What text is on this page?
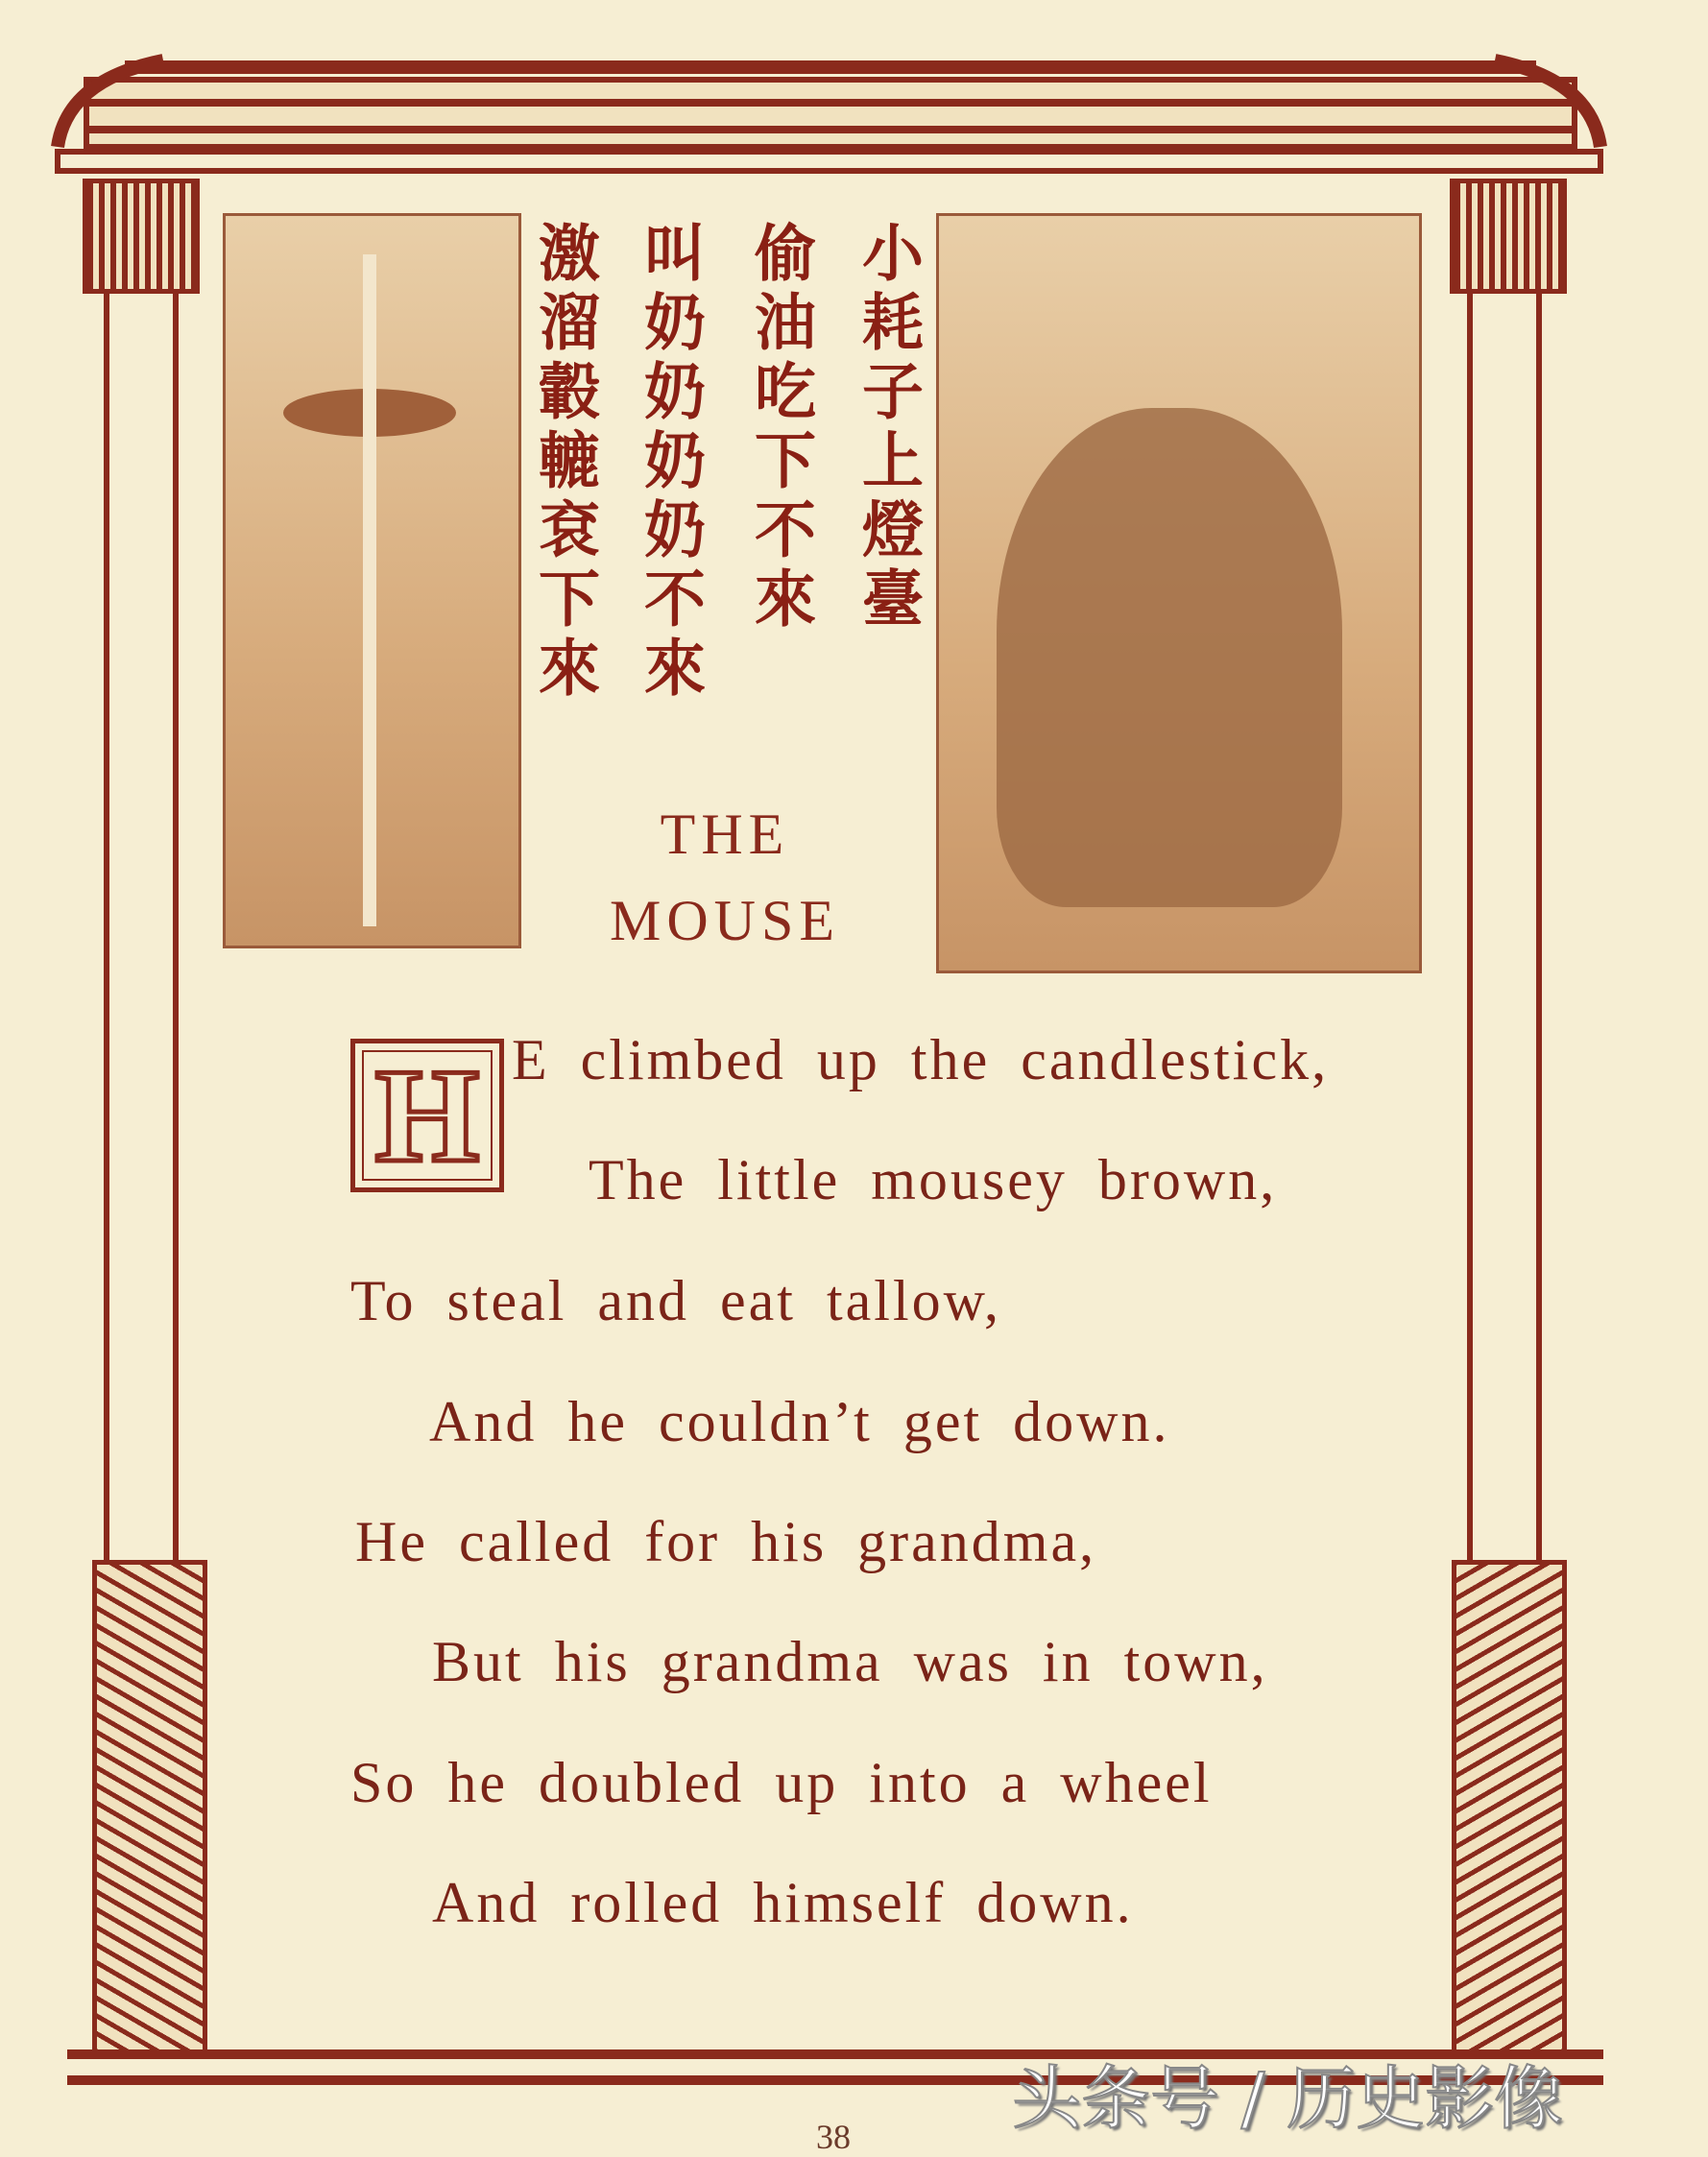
小耗子上燈臺
偷油吃下不來
叫奶奶奶奶不來
激溜轂轆袞下來
THE
MOUSE
H E climbed up the candlestick,
The little mousey brown,
To steal and eat tallow,
And he couldn’t get down.
He called for his grandma,
But his grandma was in town,
So he doubled up into a wheel
And rolled himself down.
38 头条号 / 历史影像
